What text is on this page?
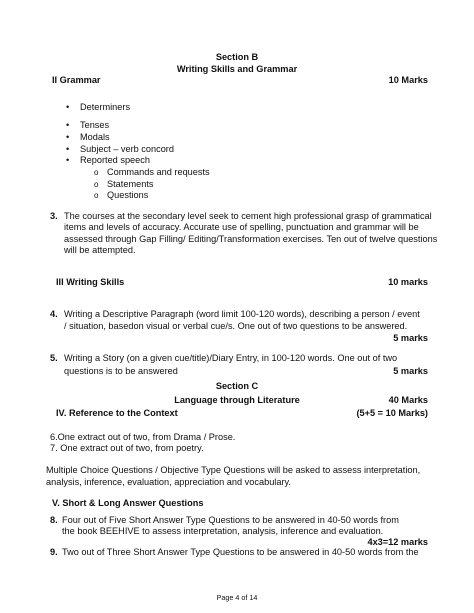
Section B
Writing Skills and Grammar
II Grammar	10 Marks
• Determiners
• Tenses
• Modals
• Subject – verb concord
• Reported speech
o Commands and requests
o Statements
o Questions
3. The courses at the secondary level seek to cement high professional grasp of grammatical
items and levels of accuracy. Accurate use of spelling, punctuation and grammar will be
assessed through Gap Filling/ Editing/Transformation exercises. Ten out of twelve questions
will be attempted.
III Writing Skills	10 marks
4. Writing a Descriptive Paragraph (word limit 100-120 words), describing a person / event
/ situation, basedon visual or verbal cue/s. One out of two questions to be answered.
5 marks
5. Writing a Story (on a given cue/title)/Diary Entry, in 100-120 words. One out of two
questions is to be answered	5 marks
Section C
Language through Literature	40 Marks
IV. Reference to the Context	(5+5 = 10 Marks)
6.One extract out of two, from Drama / Prose.
7. One extract out of two, from poetry.
Multiple Choice Questions / Objective Type Questions will be asked to assess interpretation,
analysis, inference, evaluation, appreciation and vocabulary.
V. Short & Long Answer Questions
8. Four out of Five Short Answer Type Questions to be answered in 40-50 words from
the book BEEHIVE to assess interpretation, analysis, inference and evaluation.
4x3=12 marks
9. Two out of Three Short Answer Type Questions to be answered in 40-50 words from the
Page 4 of 14
